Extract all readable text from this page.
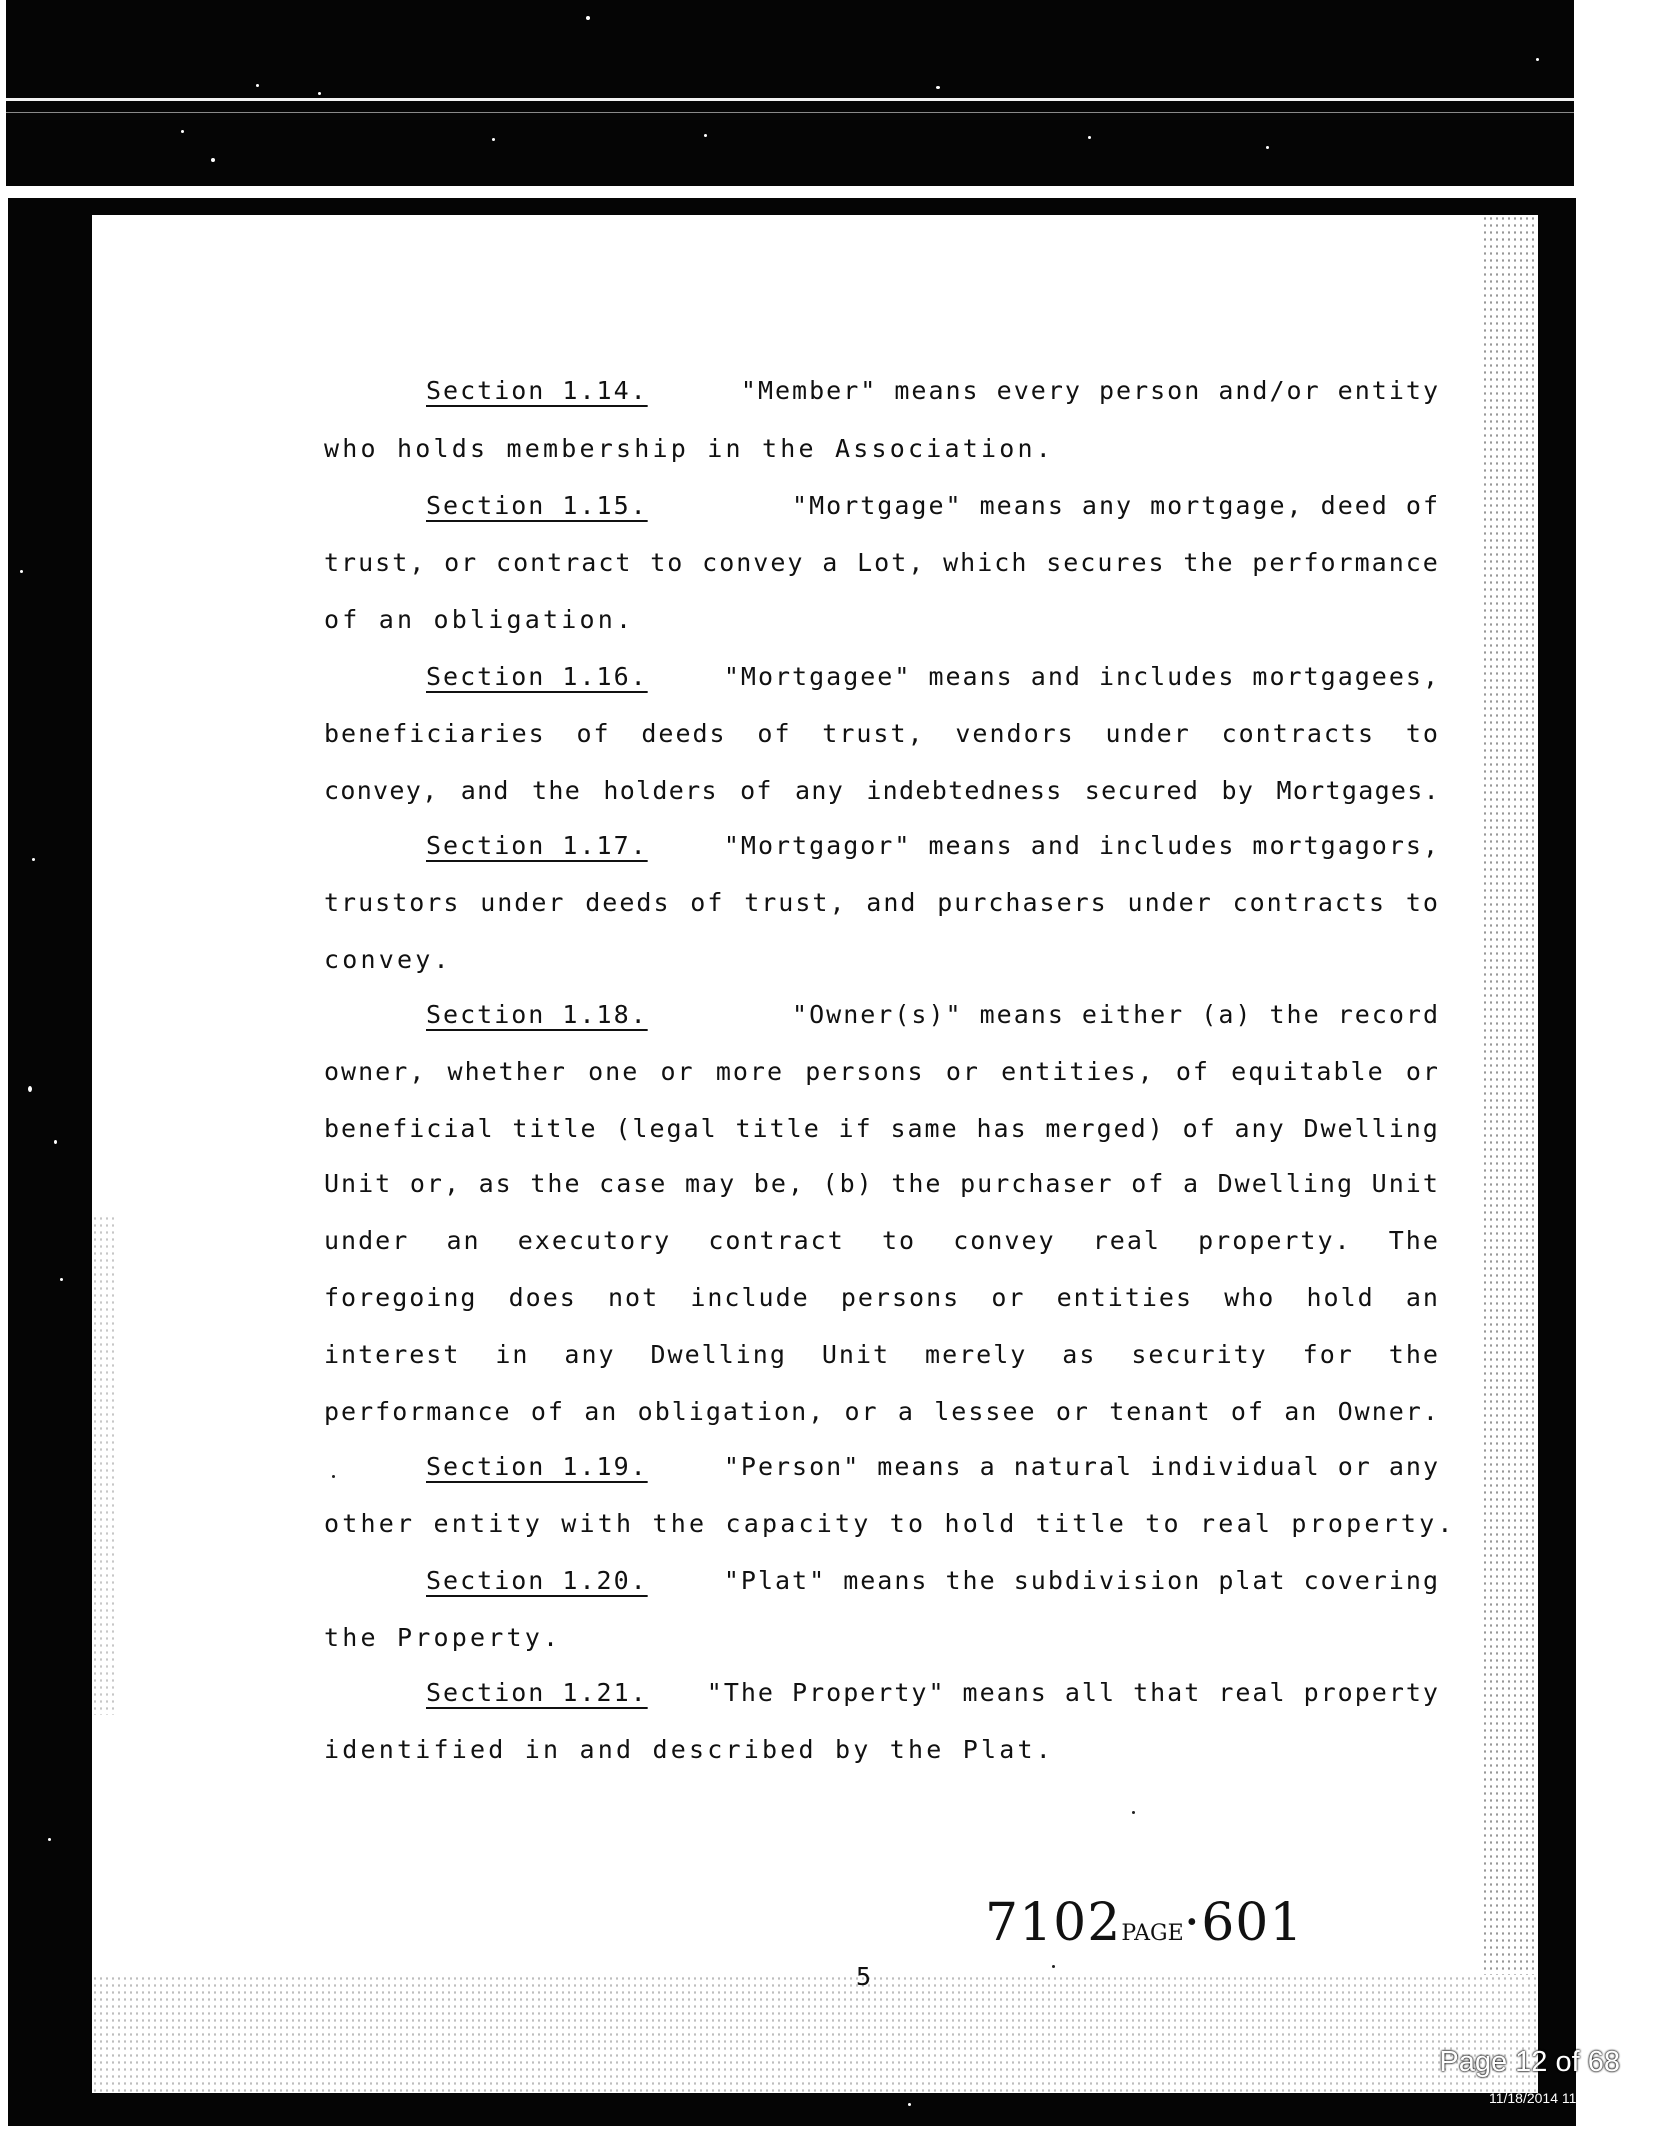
Section 1.14.	"Member" means every person and/or entity
who holds membership in the Association.
Section 1.15.	"Mortgage" means any mortgage, deed of
trust, or contract to convey a Lot, which secures the performance
of an obligation.
Section 1.16.	"Mortgagee" means and includes mortgagees,
beneficiaries of deeds of trust, vendors under contracts to
convey, and the holders of any indebtedness secured by Mortgages.
Section 1.17.	"Mortgagor" means and includes mortgagors,
trustors under deeds of trust, and purchasers under contracts to
convey.
Section 1.18.	"Owner(s)" means either (a) the record
owner, whether one or more persons or entities, of equitable or
beneficial title (legal title if same has merged) of any Dwelling
Unit or, as the case may be, (b) the purchaser of a Dwelling Unit
under an executory contract to convey real property. The
foregoing does not include persons or entities who hold an
interest in any Dwelling Unit merely as security for the
performance of an obligation, or a lessee or tenant of an Owner.
Section 1.19.	"Person" means a natural individual or any
other entity with the capacity to hold title to real property.
Section 1.20.	"Plat" means the subdivision plat covering
the Property.
Section 1.21. "The Property" means all that real property
identified in and described by the Plat.
7102PAGE·601
5
Page 12 of 68
11/18/2014 11:12 AM
